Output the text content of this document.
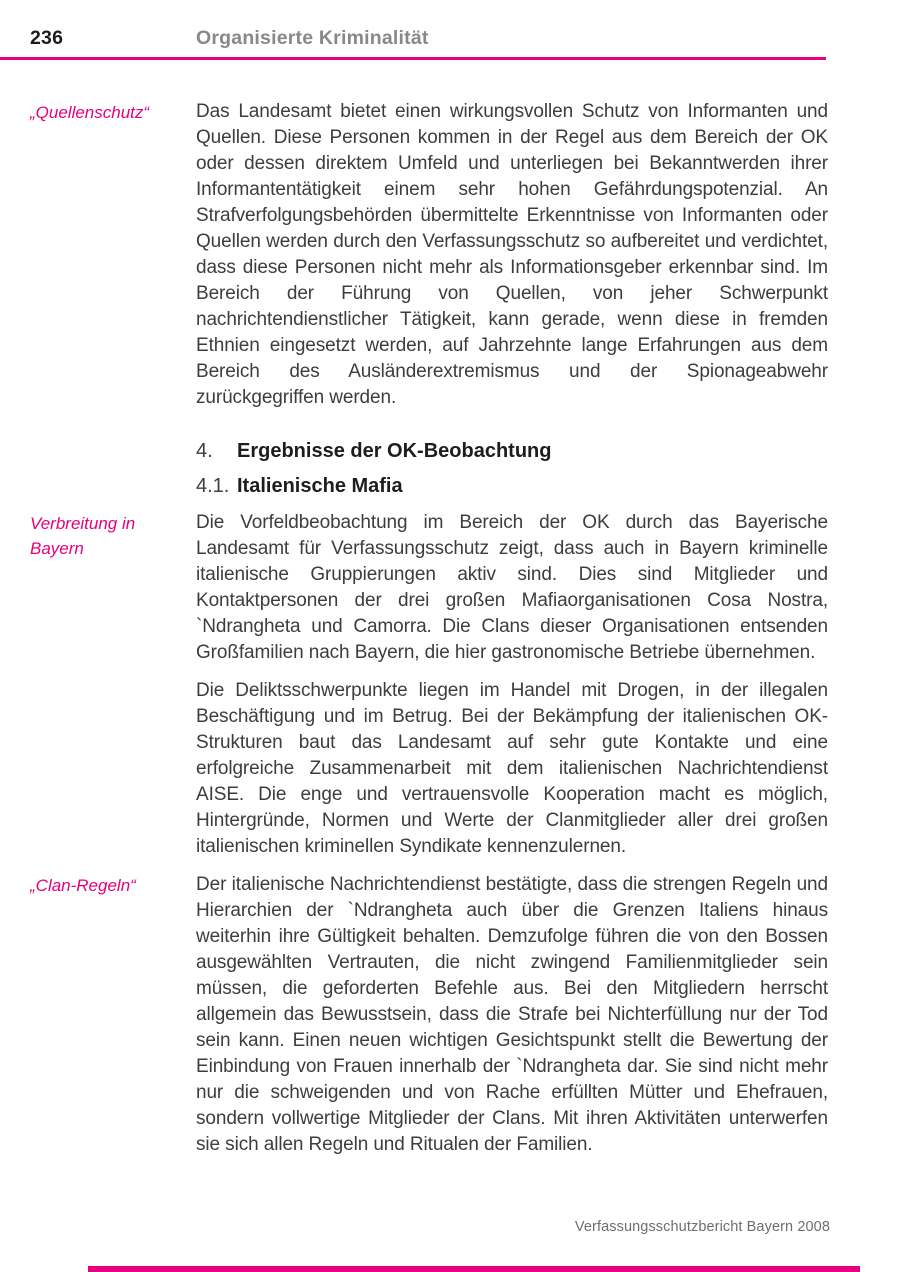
236	Organisierte Kriminalität
„Quellenschutz“	Das Landesamt bietet einen wirkungsvollen Schutz von Informanten und Quellen. Diese Personen kommen in der Regel aus dem Bereich der OK oder dessen direktem Umfeld und unterliegen bei Bekanntwerden ihrer Informantentätigkeit einem sehr hohen Gefährdungspotenzial. An Strafverfolgungsbehörden übermittelte Erkenntnisse von Informanten oder Quellen werden durch den Verfassungsschutz so aufbereitet und verdichtet, dass diese Personen nicht mehr als Informationsgeber erkennbar sind. Im Bereich der Führung von Quellen, von jeher Schwerpunkt nachrichtendienstlicher Tätigkeit, kann gerade, wenn diese in fremden Ethnien eingesetzt werden, auf Jahrzehnte lange Erfahrungen aus dem Bereich des Ausländerextremismus und der Spionageabwehr zurückgegriffen werden.
4.	Ergebnisse der OK-Beobachtung
4.1. Italienische Mafia
Verbreitung in Bayern
Die Vorfeldbeobachtung im Bereich der OK durch das Bayerische Landesamt für Verfassungsschutz zeigt, dass auch in Bayern kriminelle italienische Gruppierungen aktiv sind. Dies sind Mitglieder und Kontaktpersonen der drei großen Mafiaorganisationen Cosa Nostra, `Ndrangheta und Camorra. Die Clans dieser Organisationen entsenden Großfamilien nach Bayern, die hier gastronomische Betriebe übernehmen.
Die Deliktsschwerpunkte liegen im Handel mit Drogen, in der illegalen Beschäftigung und im Betrug. Bei der Bekämpfung der italienischen OK-Strukturen baut das Landesamt auf sehr gute Kontakte und eine erfolgreiche Zusammenarbeit mit dem italienischen Nachrichtendienst AISE. Die enge und vertrauensvolle Kooperation macht es möglich, Hintergründe, Normen und Werte der Clanmitglieder aller drei großen italienischen kriminellen Syndikate kennenzulernen.
„Clan-Regeln“	Der italienische Nachrichtendienst bestätigte, dass die strengen Regeln und Hierarchien der `Ndrangheta auch über die Grenzen Italiens hinaus weiterhin ihre Gültigkeit behalten. Demzufolge führen die von den Bossen ausgewählten Vertrauten, die nicht zwingend Familienmitglieder sein müssen, die geforderten Befehle aus. Bei den Mitgliedern herrscht allgemein das Bewusstsein, dass die Strafe bei Nichterfüllung nur der Tod sein kann. Einen neuen wichtigen Gesichtspunkt stellt die Bewertung der Einbindung von Frauen innerhalb der `Ndrangheta dar. Sie sind nicht mehr nur die schweigenden und von Rache erfüllten Mütter und Ehefrauen, sondern vollwertige Mitglieder der Clans. Mit ihren Aktivitäten unterwerfen sie sich allen Regeln und Ritualen der Familien.
Verfassungsschutzbericht Bayern 2008
